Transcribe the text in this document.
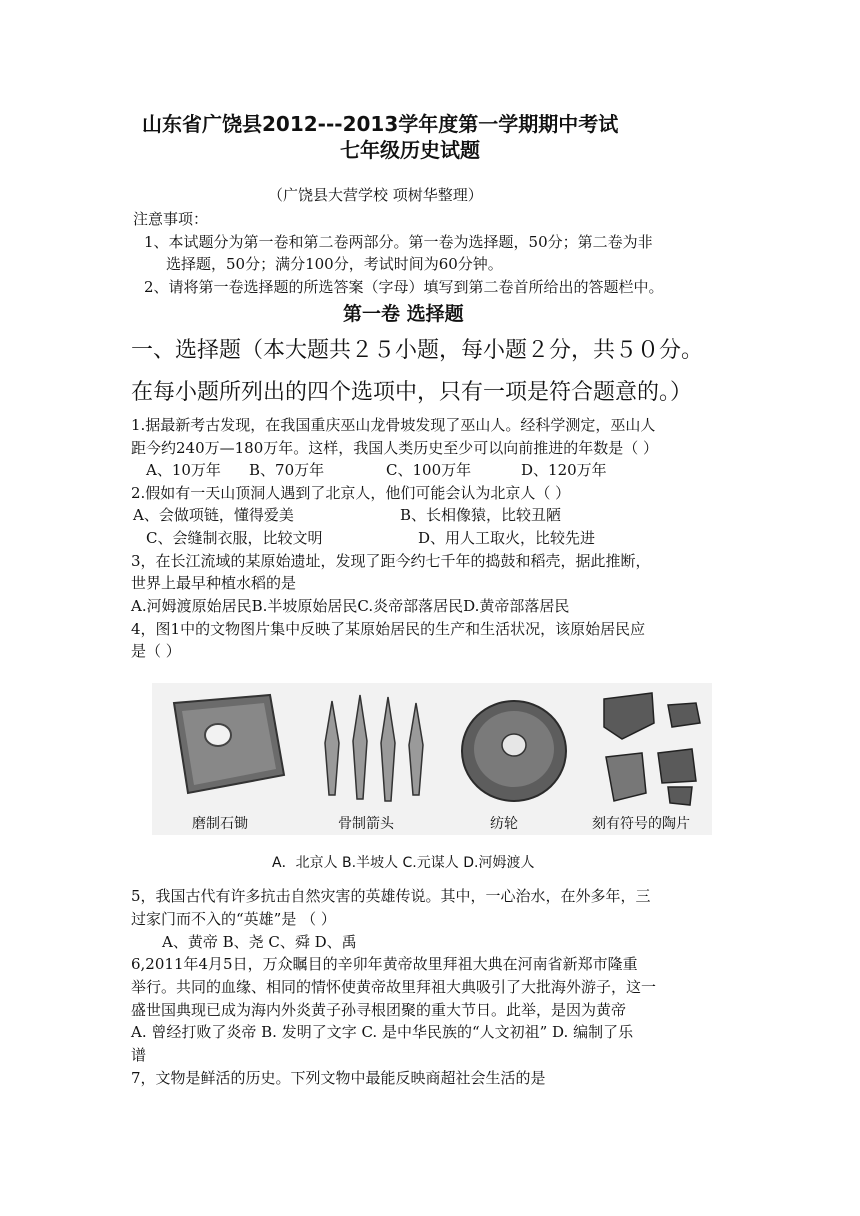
山东省广饶县2012---2013学年度第一学期期中考试
七年级历史试题
（广饶县大营学校 项树华整理）
注意事项：
1、本试题分为第一卷和第二卷两部分。第一卷为选择题，50分；第二卷为非
选择题，50分；满分100分，考试时间为60分钟。
2、请将第一卷选择题的所选答案（字母）填写到第二卷首所给出的答题栏中。
第一卷 选择题
一、选择题（本大题共２５小题，每小题２分，共５０分。
在每小题所列出的四个选项中，只有一项是符合题意的。）
1.据最新考古发现，在我国重庆巫山龙骨坡发现了巫山人。经科学测定，巫山人
距今约240万—180万年。这样，我国人类历史至少可以向前推进的年数是（ ）
A、10万年 B、70万年	C、100万年	D、120万年
2.假如有一天山顶洞人遇到了北京人，他们可能会认为北京人（ ）
A、会做项链，懂得爱美	B、长相像猿，比较丑陋
C、会缝制衣服，比较文明	D、用人工取火，比较先进
3，在长江流域的某原始遗址，发现了距今约七千年的捣鼓和稻壳，据此推断，
世界上最早种植水稻的是
A.河姆渡原始居民B.半坡原始居民C.炎帝部落居民D.黄帝部落居民
4，图1中的文物图片集中反映了某原始居民的生产和生活状况，该原始居民应
是（ ）
磨制石锄	骨制箭头	纺轮	刻有符号的陶片
A．北京人 B.半坡人 C.元谋人 D.河姆渡人
5，我国古代有许多抗击自然灾害的英雄传说。其中，一心治水，在外多年，三
过家门而不入的“英雄”是 （ ）
A、黄帝 B、尧 C、舜 D、禹
6,2011年4月5日，万众瞩目的辛卯年黄帝故里拜祖大典在河南省新郑市隆重
举行。共同的血缘、相同的情怀使黄帝故里拜祖大典吸引了大批海外游子，这一
盛世国典现已成为海内外炎黄子孙寻根团聚的重大节日。此举，是因为黄帝
A. 曾经打败了炎帝 B. 发明了文字 C. 是中华民族的“人文初祖” D. 编制了乐
谱
7，文物是鲜活的历史。下列文物中最能反映商超社会生活的是
